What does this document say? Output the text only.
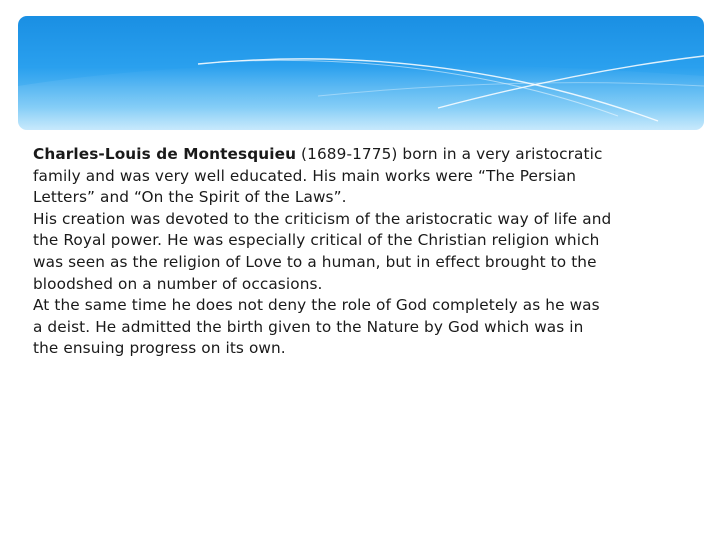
Charles-Louis de Montesquieu (1689-1775) born in a very aristocratic family and was very well educated. His main works were “The Persian Letters” and “On the Spirit of the Laws”.

His creation was devoted to the criticism of the aristocratic way of life and the Royal power. He was especially critical of the Christian religion which was seen as the religion of Love to a human, but in effect brought to the bloodshed on a number of occasions.

At the same time he does not deny the role of God completely as he was a deist. He admitted the birth given to the Nature by God which was in the ensuing progress on its own.
